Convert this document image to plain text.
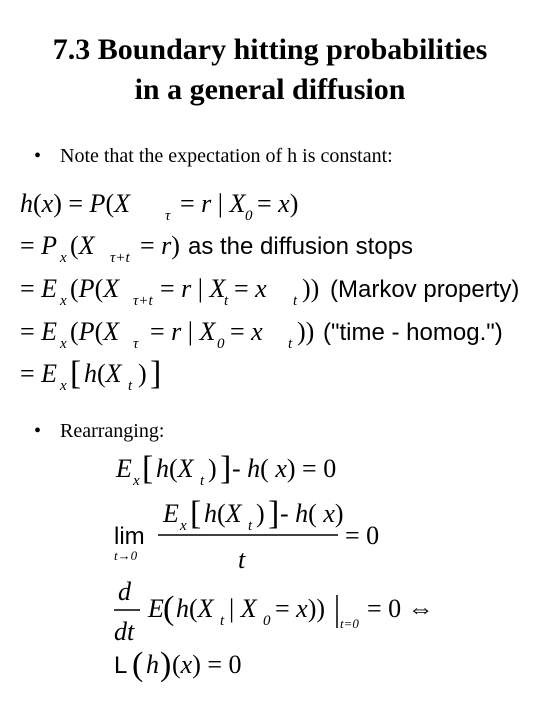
7.3 Boundary hitting probabilities
in a general diffusion
• Note that the expectation of h is constant:
• Rearranging:
h(x) = P(X τ = r | X 0 = x)
= P x (X τ+t = r) as the diffusion stops
= E x (P(X τ+t = r | X
t = x t )) (Markov property)
= E x (P(X τ = r | X 0 = x t )) ("time - homog.")
= E x [ h(X t ) ]
E x [ h(X t ) ] - h( x) = 0
lim
t→0
E x [ h(X t ) ] - h( x)
t
= 0
d
dt
E ( h(X t | X 0 = x))
t=0
= 0 ⇔
L ( h ) (x) = 0
